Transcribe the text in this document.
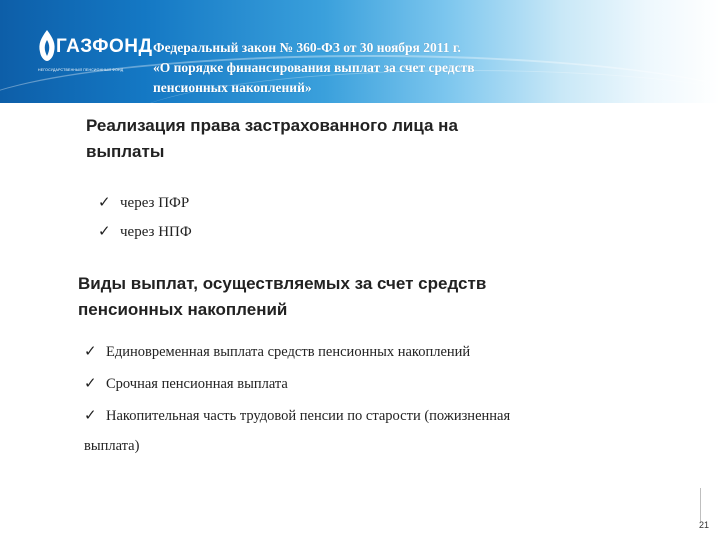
ГАЗФОНД
НЕГОСУДАРСТВЕННЫЙ ПЕНСИОННЫЙ ФОНД
Федеральный закон № 360-ФЗ от 30 ноября 2011 г.
«О порядке финансирования выплат за счет средств
пенсионных накоплений»
Реализация права застрахованного лица на
выплаты
✓ через ПФР
✓ через НПФ
Виды выплат, осуществляемых за счет средств
пенсионных накоплений
✓ Единовременная выплата средств пенсионных накоплений
✓ Срочная пенсионная выплата
✓ Накопительная часть трудовой пенсии по старости (пожизненная
выплата)
21
